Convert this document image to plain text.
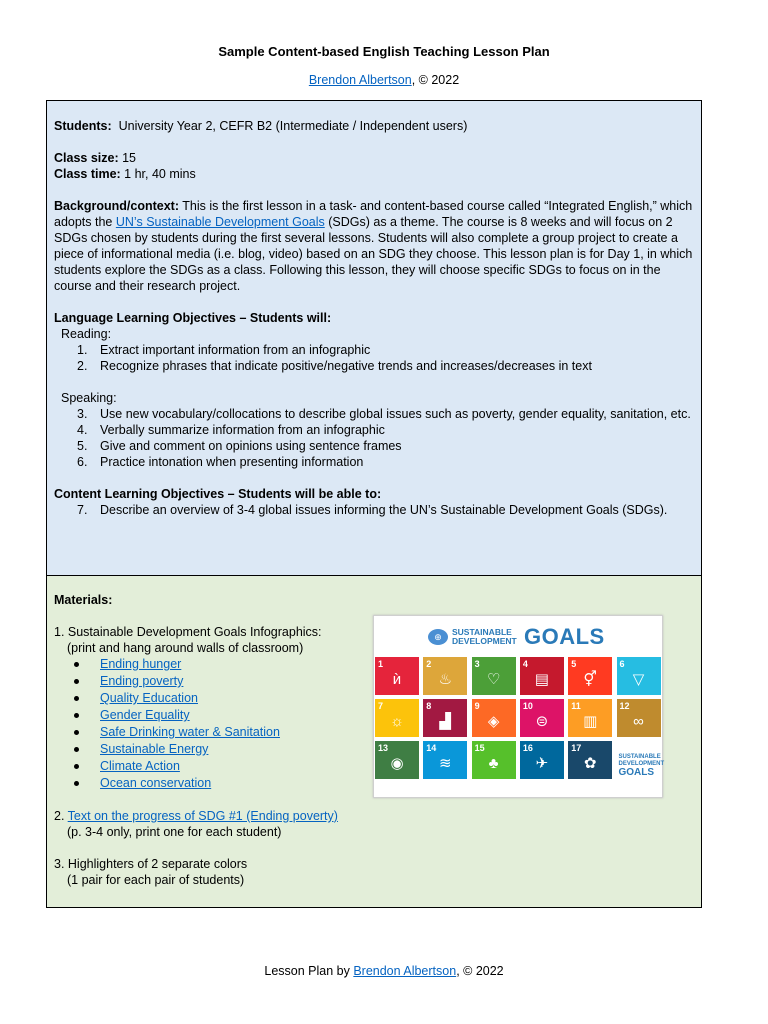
Sample Content-based English Teaching Lesson Plan
Brendon Albertson, © 2022

Students: University Year 2, CEFR B2 (Intermediate / Independent users)

Class size: 15

Class time: 1 hr, 40 mins

Background/context: This is the first lesson in a task- and content-based course called “Integrated English,” which adopts the UN’s Sustainable Development Goals (SDGs) as a theme. The course is 8 weeks and will focus on 2 SDGs chosen by students during the first several lessons. Students will also complete a group project to create a piece of informational media (i.e. blog, video) based on an SDG they choose. This lesson plan is for Day 1, in which students explore the SDGs as a class. Following this lesson, they will choose specific SDGs to focus on in the course and their research project.

Language Learning Objectives – Students will:

Reading:

1. Extract important information from an infographic
2. Recognize phrases that indicate positive/negative trends and increases/decreases in text

Speaking:

3. Use new vocabulary/collocations to describe global issues such as poverty, gender equality, sanitation, etc.
4. Verbally summarize information from an infographic
5. Give and comment on opinions using sentence frames
6. Practice intonation when presenting information

Content Learning Objectives – Students will be able to:

7. Describe an overview of 3-4 global issues informing the UN’s Sustainable Development Goals (SDGs).

Materials:

1. Sustainable Development Goals Infographics:

(print and hang around walls of classroom)

Ending hunger
Ending poverty
Quality Education
Gender Equality
Safe Drinking water & Sanitation
Sustainable Energy
Climate Action
Ocean conservation

2. Text on the progress of SDG #1 (Ending poverty)

(p. 3-4 only, print one for each student)

3. Highlighters of 2 separate colors

(1 pair for each pair of students)

⊕	SUSTAINABLE
DEVELOPMENT GOALS
1
ѝ
2
♨
3
♡
4
▤
5
⚥
6
▽
7
☼
8
▟
9
◈
10
⊜
11
▥
12
∞
13
◉
14
≋
15
♣
16
✈
17
✿	SUSTAINABLE
DEVELOPMENT
GOALS
Lesson Plan by Brendon Albertson, © 2022
